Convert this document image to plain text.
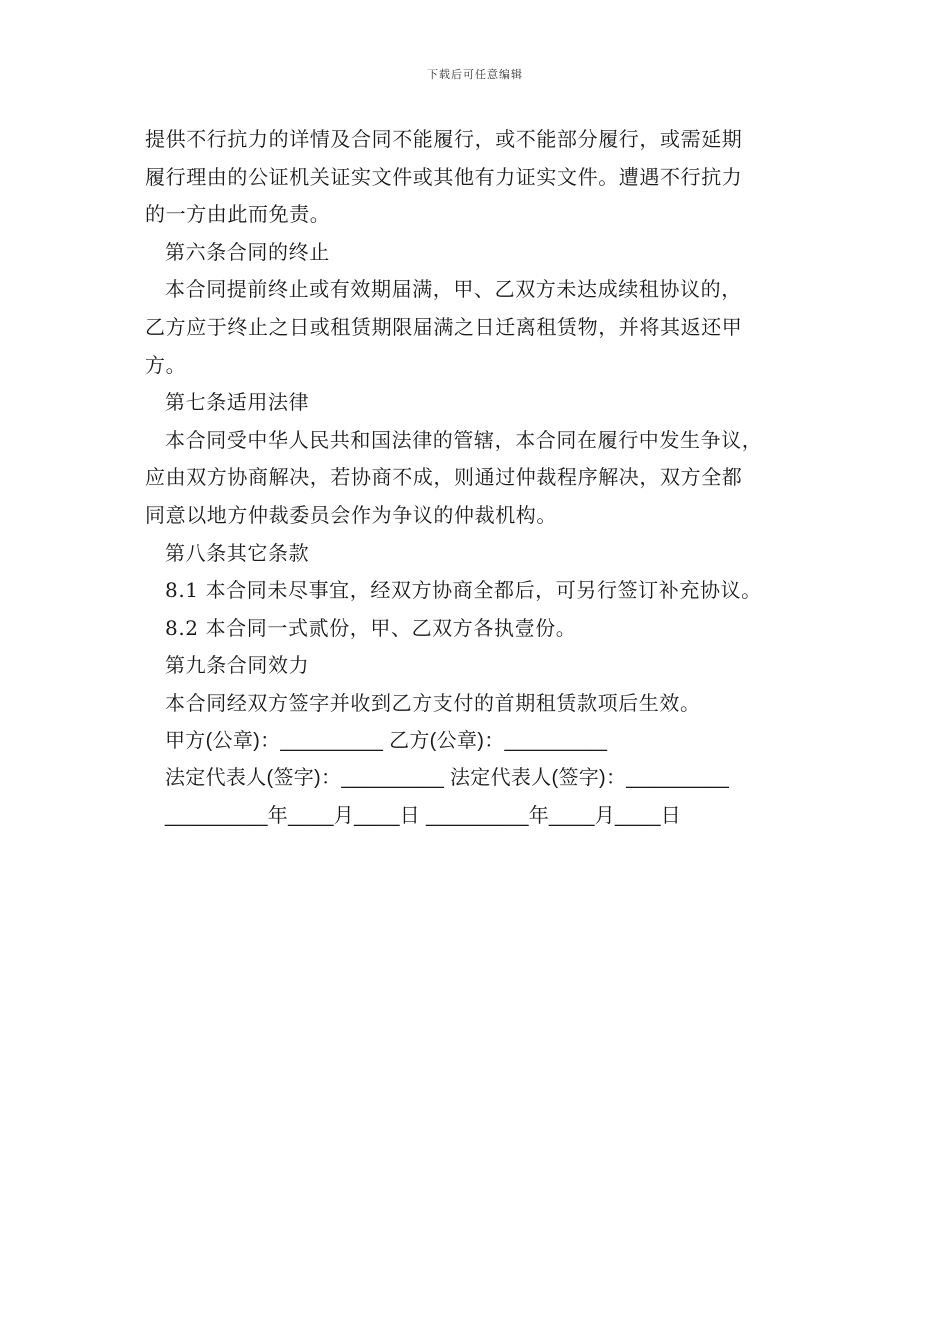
下载后可任意编辑
提供不行抗力的详情及合同不能履行，或不能部分履行，或需延期
履行理由的公证机关证实文件或其他有力证实文件。遭遇不行抗力
的一方由此而免责。
第六条合同的终止
本合同提前终止或有效期届满，甲、乙双方未达成续租协议的，
乙方应于终止之日或租赁期限届满之日迁离租赁物，并将其返还甲
方。
第七条适用法律
本合同受中华人民共和国法律的管辖，本合同在履行中发生争议，
应由双方协商解决，若协商不成，则通过仲裁程序解决，双方全都
同意以地方仲裁委员会作为争议的仲裁机构。
第八条其它条款
8.1 本合同未尽事宜，经双方协商全都后，可另行签订补充协议。
8.2 本合同一式贰份，甲、乙双方各执壹份。
第九条合同效力
本合同经双方签字并收到乙方支付的首期租赁款项后生效。
甲方(公章)：_________ 乙方(公章)：_________
法定代表人(签字)：_________ 法定代表人(签字)：_________
_________年____月____日 _________年____月____日
